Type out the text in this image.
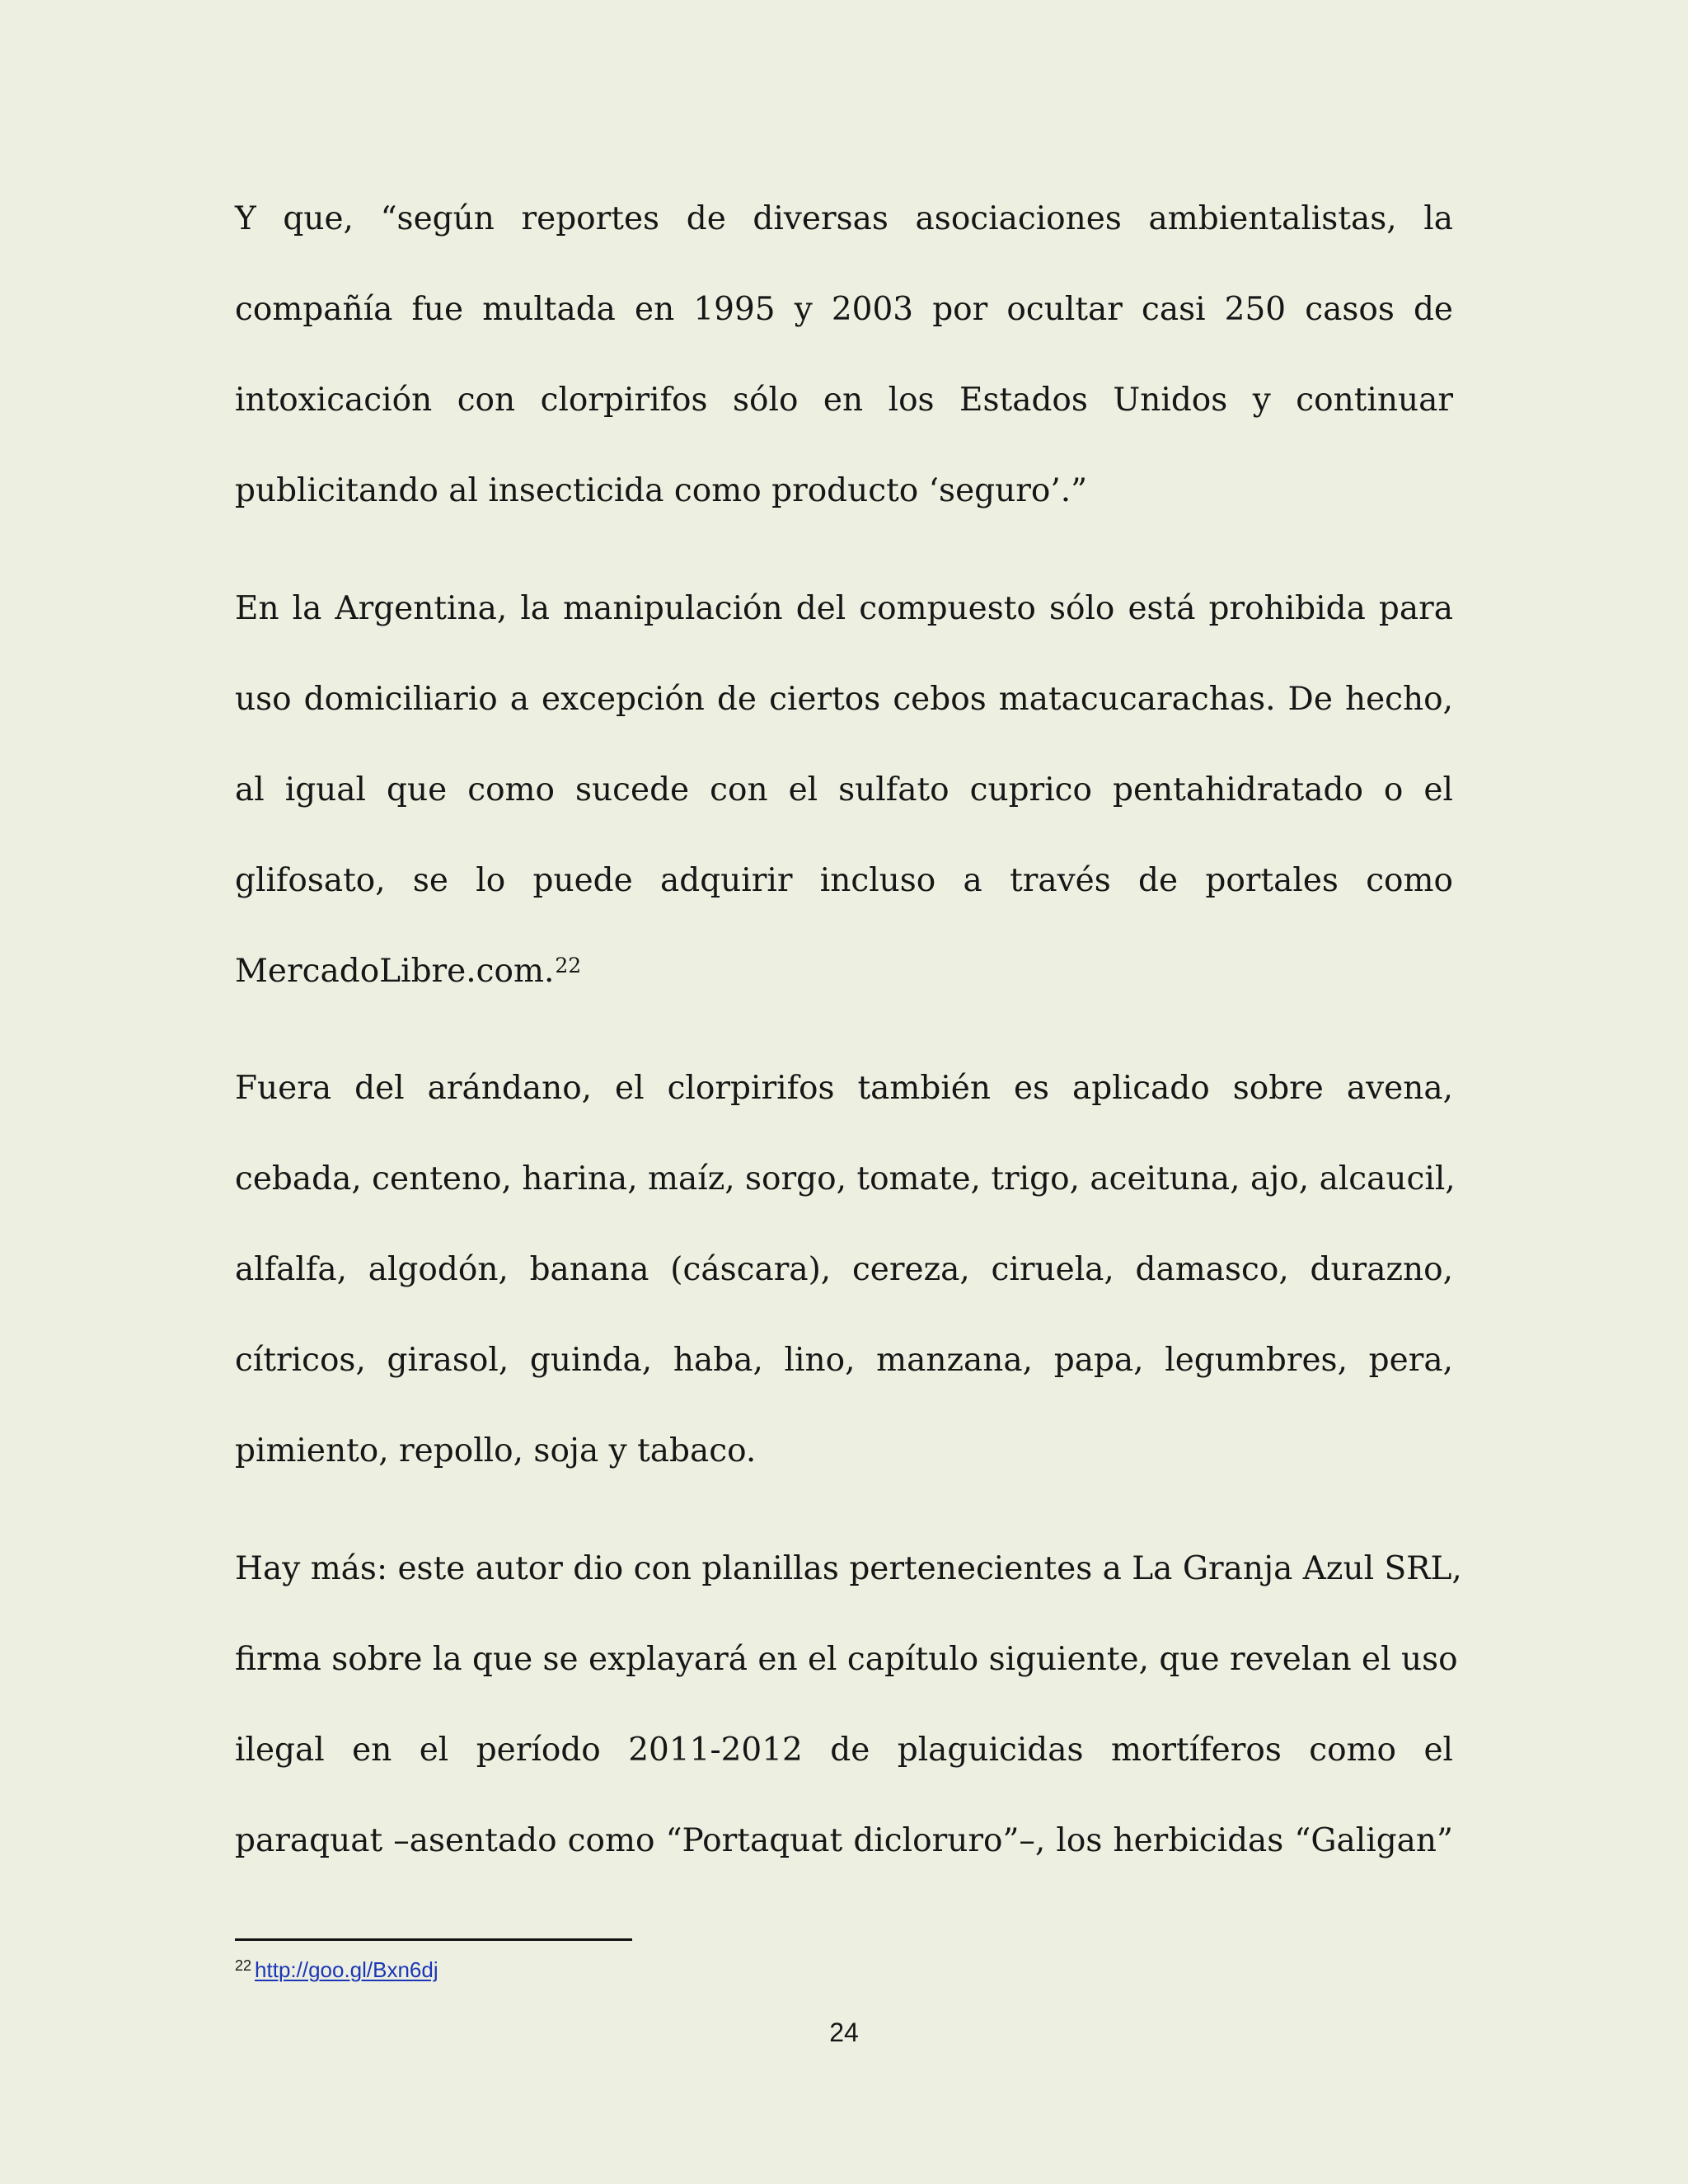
Y que, “según reportes de diversas asociaciones ambientalistas, la
compañía fue multada en 1995 y 2003 por ocultar casi 250 casos de
intoxicación con clorpirifos sólo en los Estados Unidos y continuar
publicitando al insecticida como producto ‘seguro’.”
En la Argentina, la manipulación del compuesto sólo está prohibida para
uso domiciliario a excepción de ciertos cebos matacucarachas. De hecho,
al igual que como sucede con el sulfato cuprico pentahidratado o el
glifosato, se lo puede adquirir incluso a través de portales como
MercadoLibre.com.$^{22}$
Fuera del arándano, el clorpirifos también es aplicado sobre avena,
cebada, centeno, harina, maíz, sorgo, tomate, trigo, aceituna, ajo, alcaucil,
alfalfa, algodón, banana (cáscara), cereza, ciruela, damasco, durazno,
cítricos, girasol, guinda, haba, lino, manzana, papa, legumbres, pera,
pimiento, repollo, soja y tabaco.
Hay más: este autor dio con planillas pertenecientes a La Granja Azul SRL,
firma sobre la que se explayará en el capítulo siguiente, que revelan el uso
ilegal en el período 2011-2012 de plaguicidas mortíferos como el
paraquat –asentado como “Portaquat dicloruro”–, los herbicidas “Galigan”
$^{22}$ http://goo.gl/Bxn6dj
24
